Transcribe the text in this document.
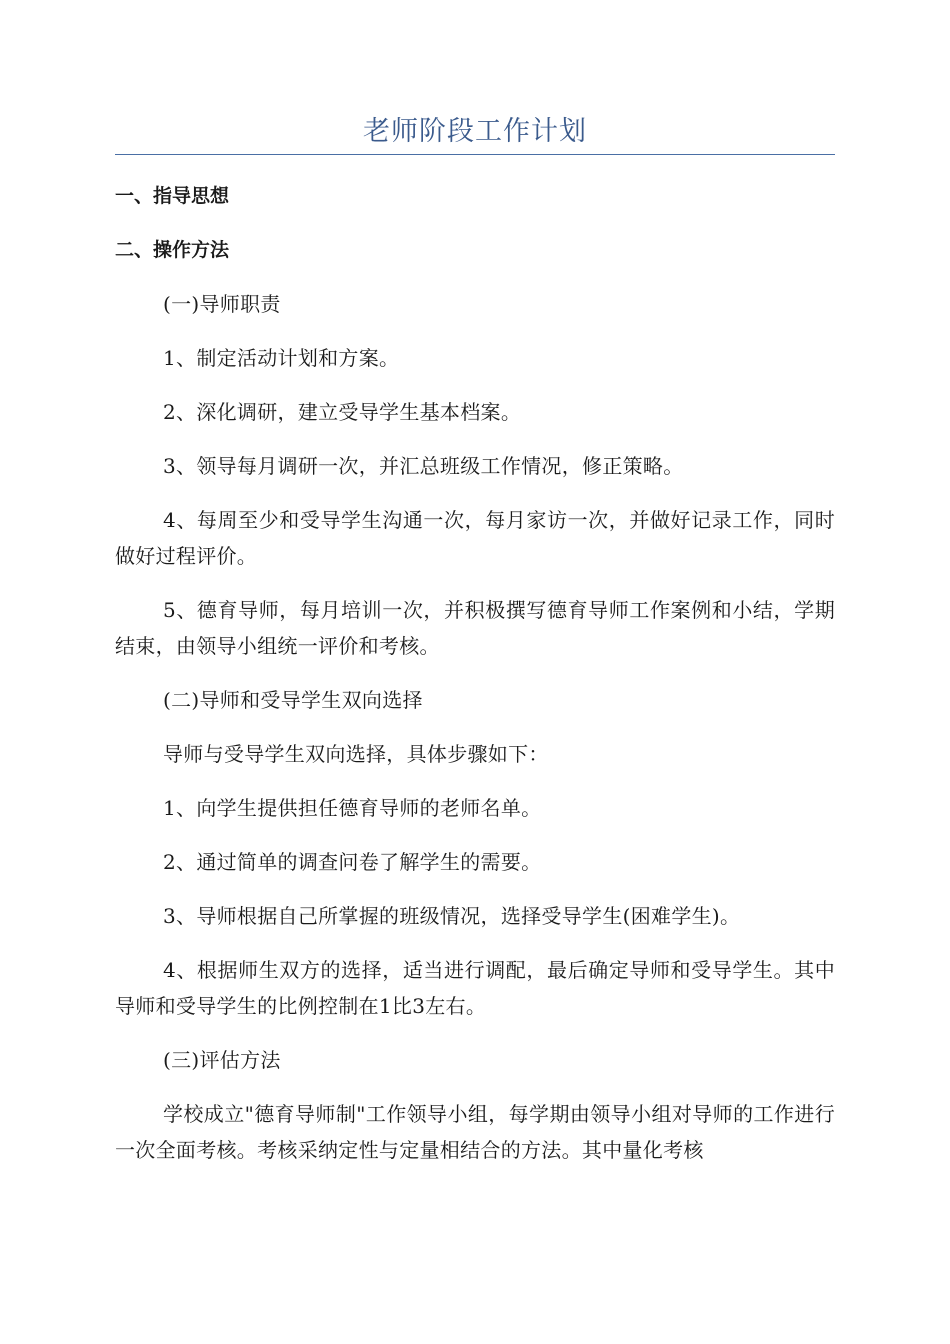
老师阶段工作计划
一、指导思想
二、操作方法
(一)导师职责
1、制定活动计划和方案。
2、深化调研，建立受导学生基本档案。
3、领导每月调研一次，并汇总班级工作情况，修正策略。
4、每周至少和受导学生沟通一次，每月家访一次，并做好记录工作，同时做好过程评价。
5、德育导师，每月培训一次，并积极撰写德育导师工作案例和小结，学期结束，由领导小组统一评价和考核。
(二)导师和受导学生双向选择
导师与受导学生双向选择，具体步骤如下：
1、向学生提供担任德育导师的老师名单。
2、通过简单的调查问卷了解学生的需要。
3、导师根据自己所掌握的班级情况，选择受导学生(困难学生)。
4、根据师生双方的选择，适当进行调配，最后确定导师和受导学生。其中导师和受导学生的比例控制在1比3左右。
(三)评估方法
学校成立"德育导师制"工作领导小组，每学期由领导小组对导师的工作进行一次全面考核。考核采纳定性与定量相结合的方法。其中量化考核
